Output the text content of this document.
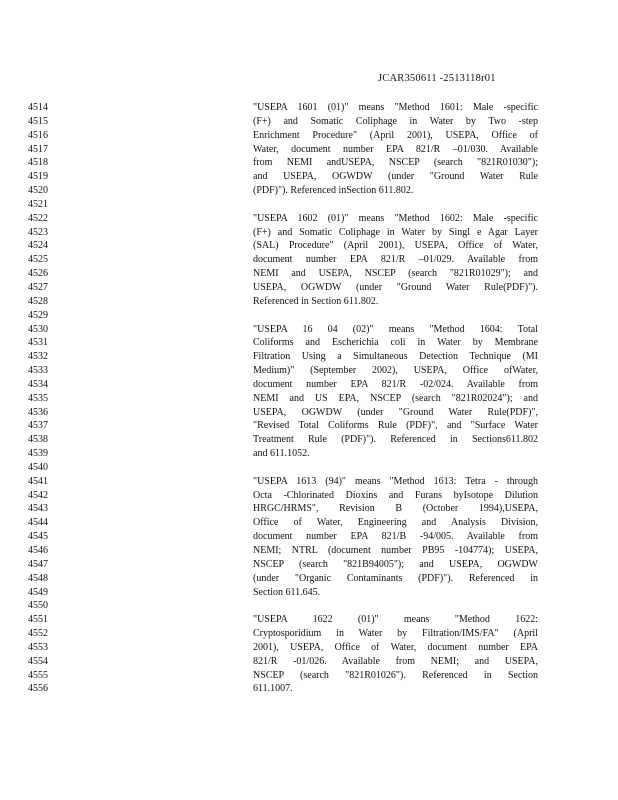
JCAR350611 -2513118r01
4514
4515
4516
4517
4518
4519
4520
4521
4522
4523
4524
4525
4526
4527
4528
4529
4530
4531
4532
4533
4534
4535
4536
4537
4538
4539
4540
4541
4542
4543
4544
4545
4546
4547
4548
4549
4550
4551
4552
4553
4554
4555
4556
"USEPA 1601 (01)" means "Method 1601: Male -specific
(F+) and Somatic Coliphage in Water by Two -step
Enrichment Procedure" (April 2001), USEPA, Office of
Water, document number EPA 821/R –01/030. Available
from NEMI andUSEPA, NSCEP (search "821R01030");
and USEPA, OGWDW (under "Ground Water Rule
(PDF)"). Referenced inSection 611.802.

"USEPA 1602 (01)" means "Method 1602: Male -specific
(F+) and Somatic Coliphage in Water by Singl e Agar Layer
(SAL) Procedure" (April 2001), USEPA, Office of Water,
document number EPA 821/R –01/029. Available from
NEMI and USEPA, NSCEP (search "821R01029"); and
USEPA, OGWDW (under "Ground Water Rule(PDF)").
Referenced in Section 611.802.

"USEPA 16 04 (02)" means "Method 1604: Total
Coliforms and Escherichia coli in Water by Membrane
Filtration Using a Simultaneous Detection Technique (MI
Medium)" (September 2002), USEPA, Office ofWater,
document number EPA 821/R -02/024. Available from
NEMI and US EPA, NSCEP (search "821R02024"); and
USEPA, OGWDW (under "Ground Water Rule(PDF)",
"Revised Total Coliforms Rule (PDF)", and "Surface Water
Treatment Rule (PDF)"). Referenced in Sections611.802
and 611.1052.

"USEPA 1613 (94)" means "Method 1613: Tetra - through
Octa -Chlorinated Dioxins and Furans byIsotope Dilution
HRGC/HRMS", Revision B (October 1994),USEPA,
Office of Water, Engineering and Analysis Division,
document number EPA 821/B -94/005. Available from
NEMI; NTRL (document number PB95 -104774); USEPA,
NSCEP (search "821B94005"); and USEPA, OGWDW
(under "Organic Contaminants (PDF)"). Referenced in
Section 611.645.

"USEPA 1622 (01)" means "Method 1622:
Cryptosporidium in Water by Filtration/IMS/FA" (April
2001), USEPA, Office of Water, document number EPA
821/R -01/026. Available from NEMI; and USEPA,
NSCEP (search "821R01026"). Referenced in Section
611.1007.
